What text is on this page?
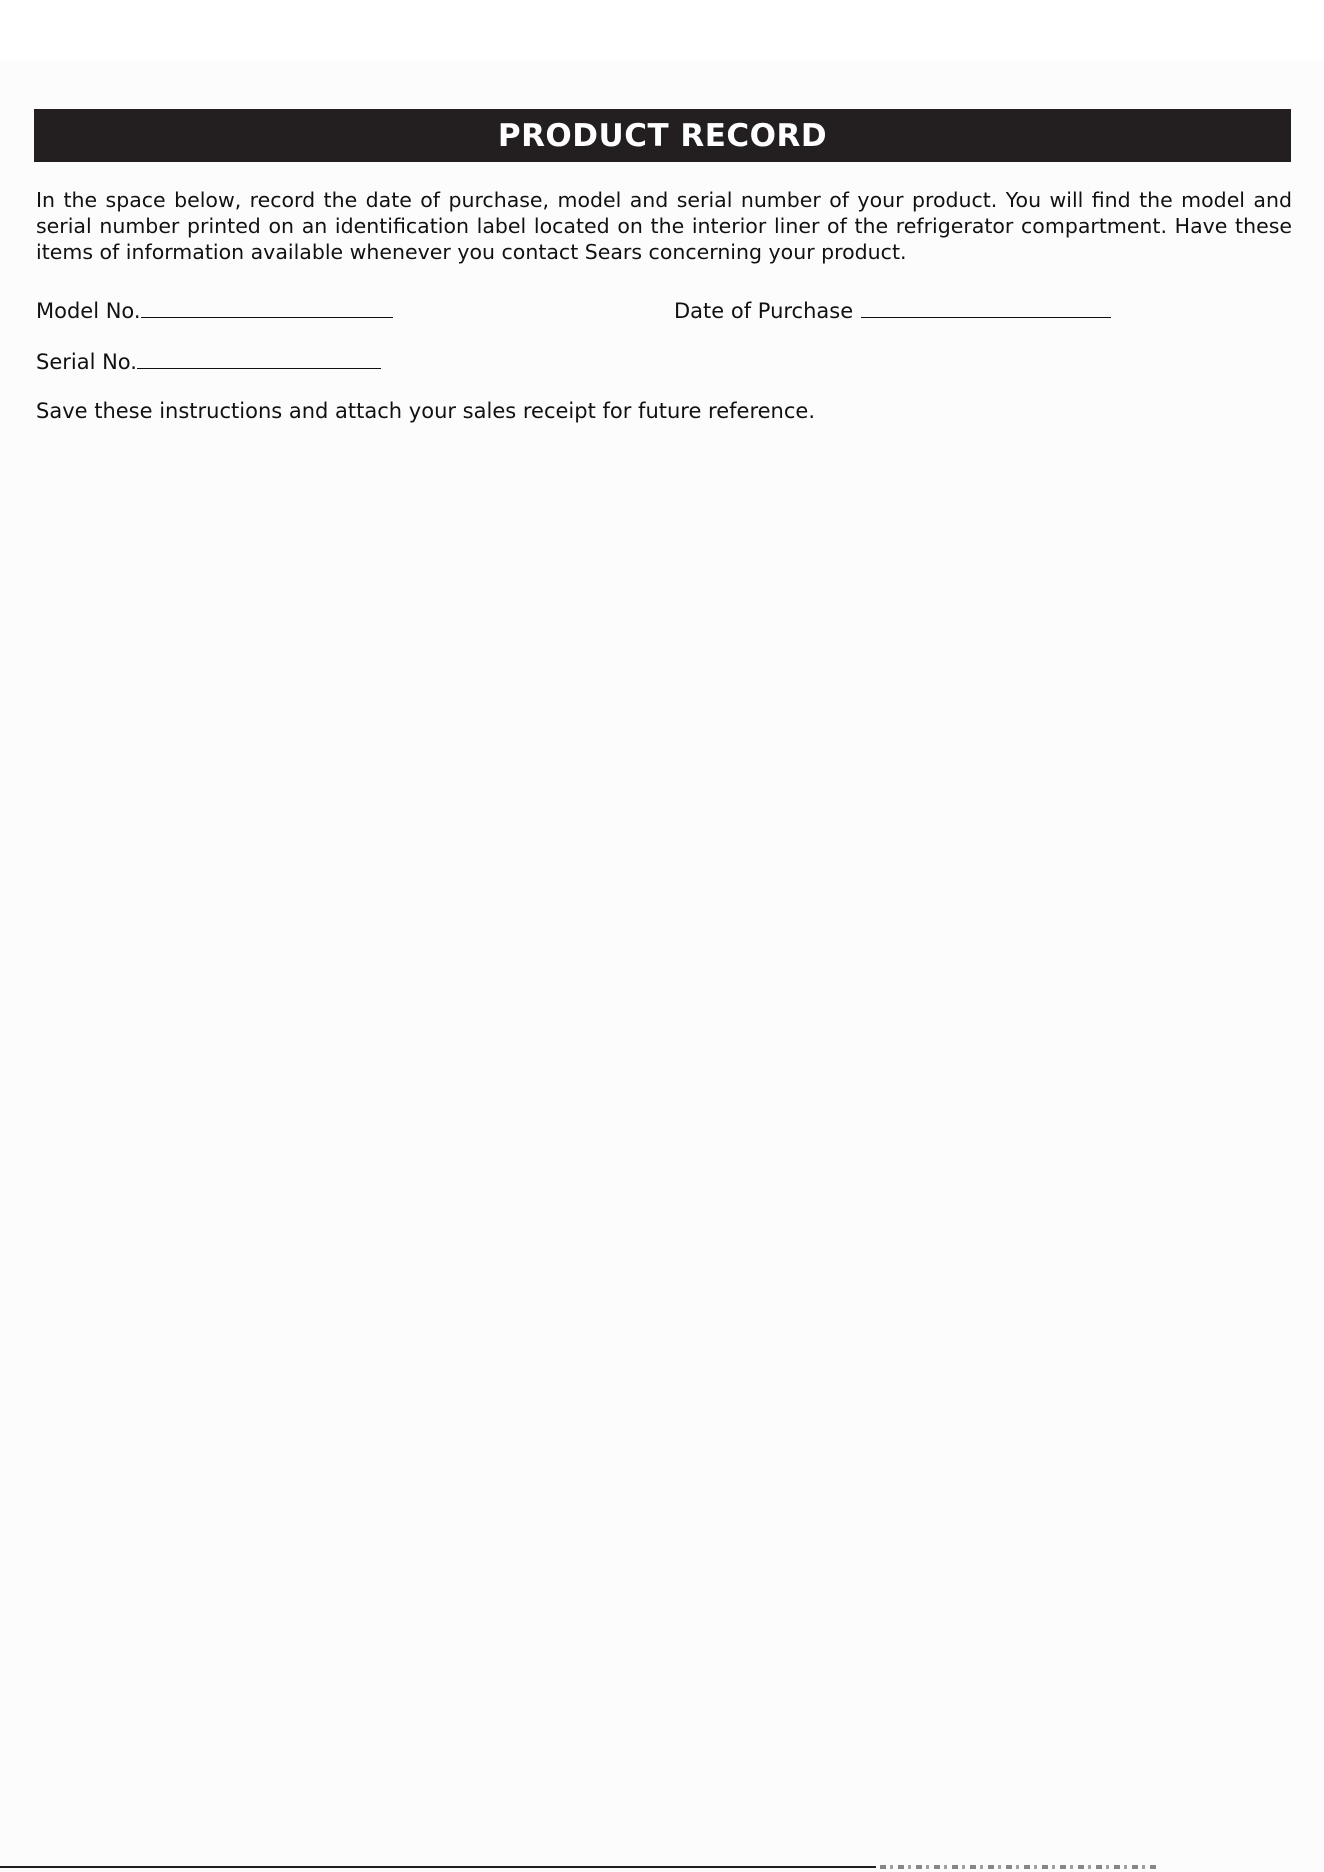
PRODUCT RECORD

In the space below, record the date of purchase, model and serial number of your product. You will find the model and serial number printed on an identification label located on the interior liner of the refrigerator compartment. Have these items of information available whenever you contact Sears concerning your product.

Model No.	Date of Purchase
Serial No.

Save these instructions and attach your sales receipt for future reference.
